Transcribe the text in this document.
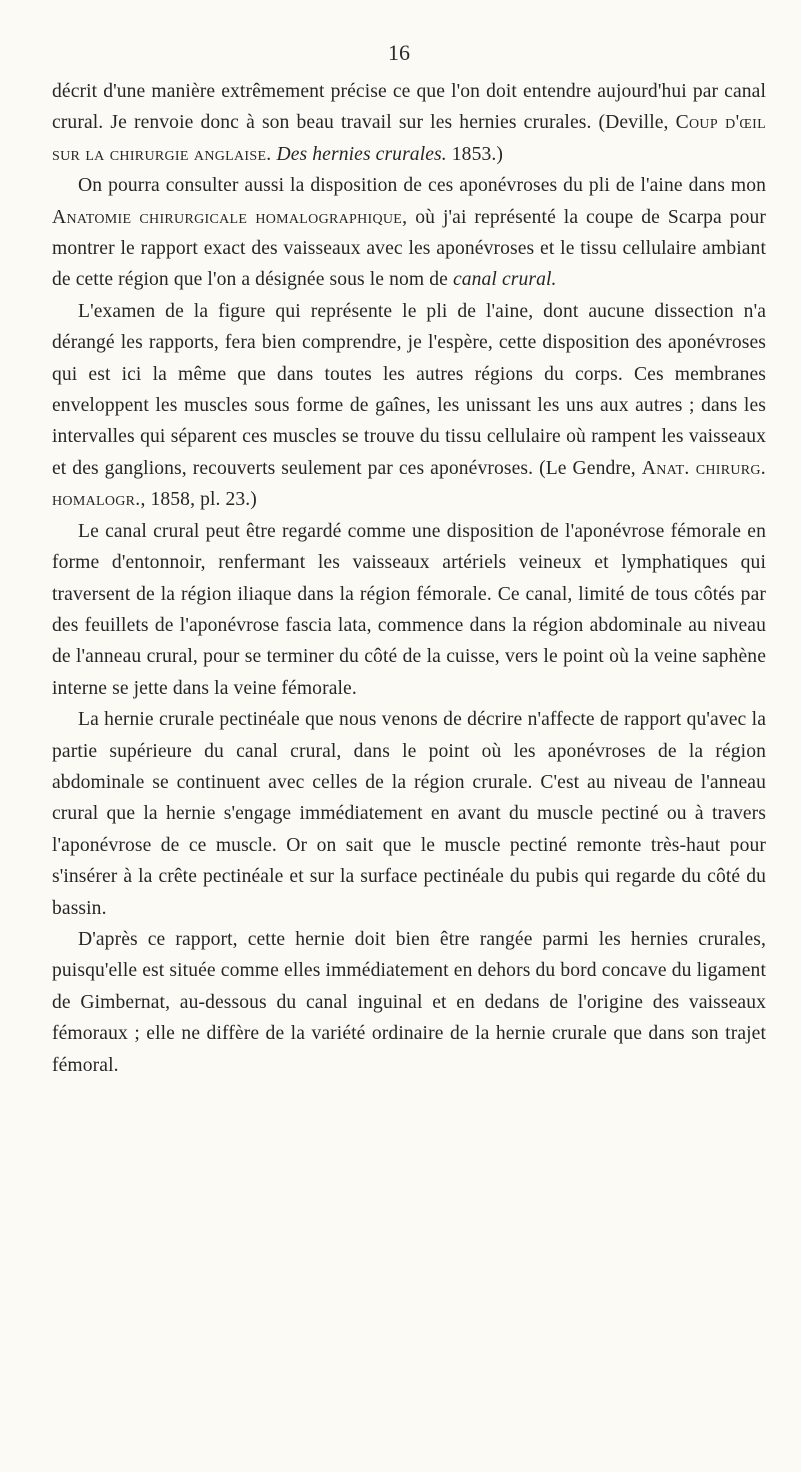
16

décrit d'une manière extrêmement précise ce que l'on doit entendre aujourd'hui par canal crural. Je renvoie donc à son beau travail sur les hernies crurales. (Deville, Coup d'œil sur la chirurgie anglaise. Des hernies crurales. 1853.)

On pourra consulter aussi la disposition de ces aponévroses du pli de l'aine dans mon Anatomie chirurgicale homalographique, où j'ai représenté la coupe de Scarpa pour montrer le rapport exact des vaisseaux avec les aponévroses et le tissu cellulaire ambiant de cette région que l'on a désignée sous le nom de canal crural.

L'examen de la figure qui représente le pli de l'aine, dont aucune dissection n'a dérangé les rapports, fera bien comprendre, je l'espère, cette disposition des aponévroses qui est ici la même que dans toutes les autres régions du corps. Ces membranes enveloppent les muscles sous forme de gaînes, les unissant les uns aux autres ; dans les intervalles qui séparent ces muscles se trouve du tissu cellulaire où rampent les vaisseaux et des ganglions, recouverts seulement par ces aponévroses. (Le Gendre, Anat. chirurg. homalogr., 1858, pl. 23.)

Le canal crural peut être regardé comme une disposition de l'aponévrose fémorale en forme d'entonnoir, renfermant les vaisseaux artériels veineux et lymphatiques qui traversent de la région iliaque dans la région fémorale. Ce canal, limité de tous côtés par des feuillets de l'aponévrose fascia lata, commence dans la région abdominale au niveau de l'anneau crural, pour se terminer du côté de la cuisse, vers le point où la veine saphène interne se jette dans la veine fémorale.

La hernie crurale pectinéale que nous venons de décrire n'affecte de rapport qu'avec la partie supérieure du canal crural, dans le point où les aponévroses de la région abdominale se continuent avec celles de la région crurale. C'est au niveau de l'anneau crural que la hernie s'engage immédiatement en avant du muscle pectiné ou à travers l'aponévrose de ce muscle. Or on sait que le muscle pectiné remonte très-haut pour s'insérer à la crête pectinéale et sur la surface pectinéale du pubis qui regarde du côté du bassin.

D'après ce rapport, cette hernie doit bien être rangée parmi les hernies crurales, puisqu'elle est située comme elles immédiatement en dehors du bord concave du ligament de Gimbernat, au-dessous du canal inguinal et en dedans de l'origine des vaisseaux fémoraux ; elle ne diffère de la variété ordinaire de la hernie crurale que dans son trajet fémoral.
